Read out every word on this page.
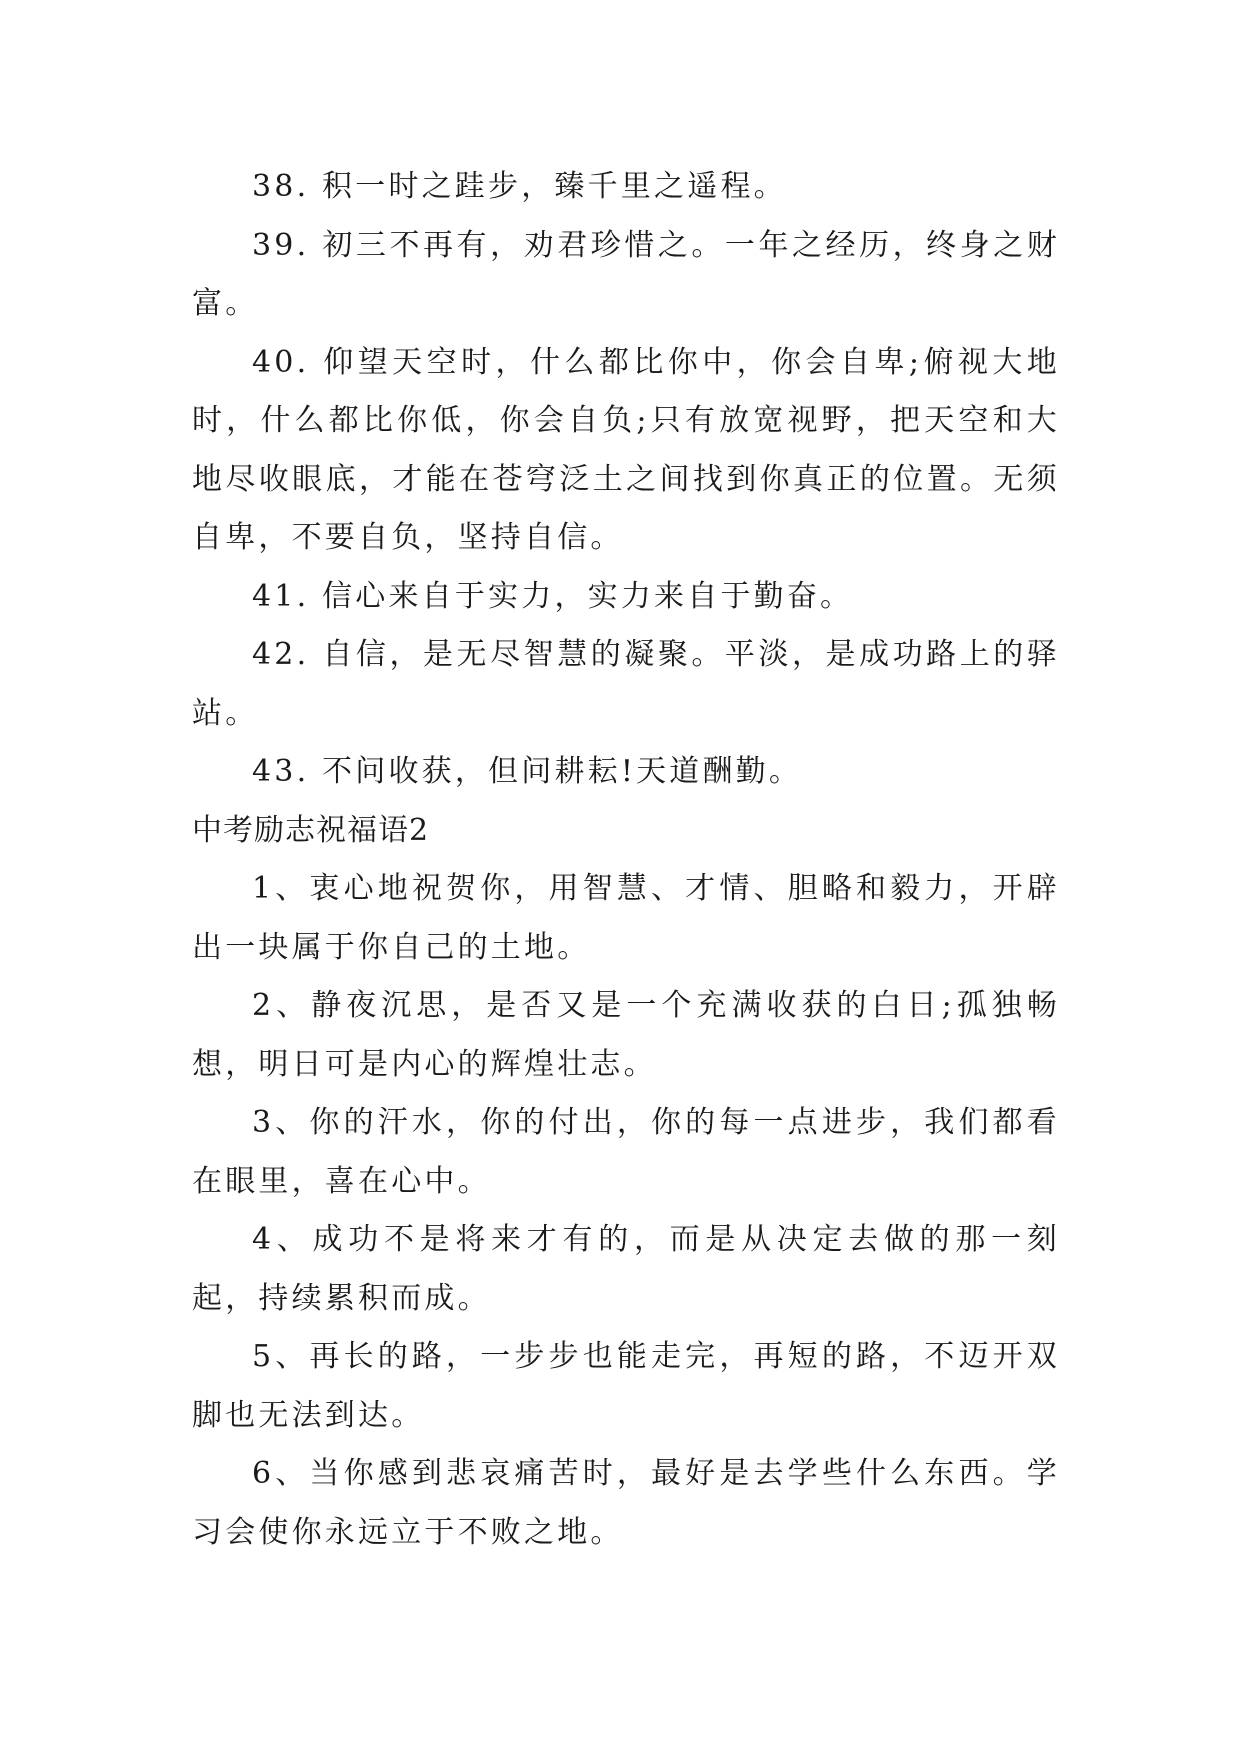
38. 积一时之跬步，臻千里之遥程。

39. 初三不再有，劝君珍惜之。一年之经历，终身之财富。

40. 仰望天空时，什么都比你中，你会自卑;俯视大地时，什么都比你低，你会自负;只有放宽视野，把天空和大地尽收眼底，才能在苍穹泛土之间找到你真正的位置。无须自卑，不要自负，坚持自信。

41. 信心来自于实力，实力来自于勤奋。

42. 自信，是无尽智慧的凝聚。平淡，是成功路上的驿站。

43. 不问收获，但问耕耘!天道酬勤。

中考励志祝福语2

1、衷心地祝贺你，用智慧、才情、胆略和毅力，开辟出一块属于你自己的土地。

2、静夜沉思，是否又是一个充满收获的白日;孤独畅想，明日可是内心的辉煌壮志。

3、你的汗水，你的付出，你的每一点进步，我们都看在眼里，喜在心中。

4、成功不是将来才有的，而是从决定去做的那一刻起，持续累积而成。

5、再长的路，一步步也能走完，再短的路，不迈开双脚也无法到达。

6、当你感到悲哀痛苦时，最好是去学些什么东西。学习会使你永远立于不败之地。
